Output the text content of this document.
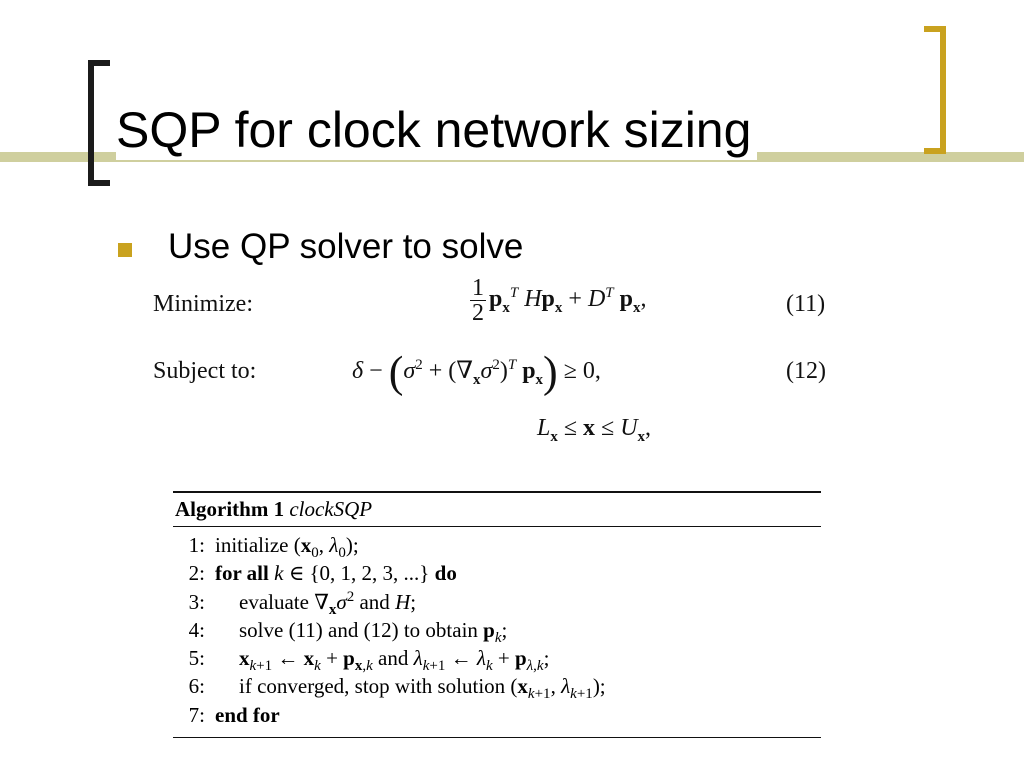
SQP for clock network sizing
Use QP solver to solve
Minimize:	$\frac{1}{2} p_x^T$ $Hp_x + D^T$ $p_x$,	(11)
Subject to:	$\delta - (\sigma^2 + (\nabla_x\sigma^2)^T$ $p_x) \ge 0$,	(12)
$L_x \le x \le U_x$,
Algorithm 1 clockSQP
1: initialize ($x_0$, $\lambda_0$);
2: for all k ∈ {0, 1, 2, 3, ...} do
3: evaluate $\nabla_x\sigma^2$ and H;
4: solve (11) and (12) to obtain $p_k$;
5: $x_{k+1}$ ← $x_k + p_{x,k}$ and $\lambda_{k+1}$ ← $\lambda_k + p_{\lambda,k}$;
6: if converged, stop with solution ($x_{k+1}$, $\lambda_{k+1}$);
7: end for
